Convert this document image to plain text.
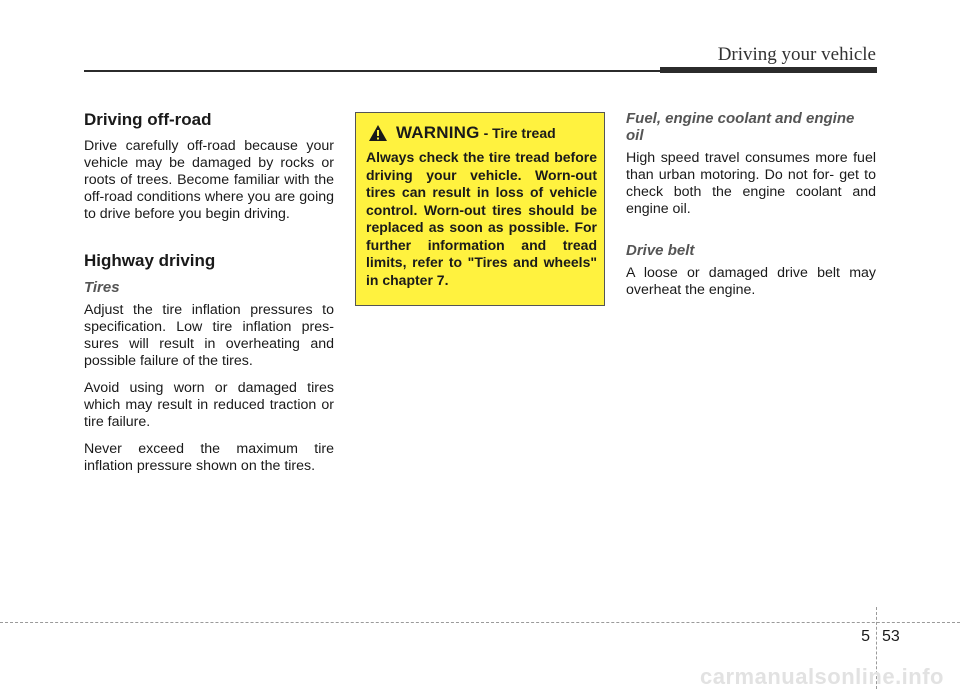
Driving your vehicle
Driving off-road

Drive carefully off-road because your vehicle may be damaged by rocks or roots of trees. Become familiar with the off-road conditions where you are going to drive before you begin driving.

Highway driving
Tires

Adjust the tire inflation pressures to specification. Low tire inflation pres- sures will result in overheating and possible failure of the tires.

Avoid using worn or damaged tires which may result in reduced traction or tire failure.

Never exceed the maximum tire inflation pressure shown on the tires.

WARNING - Tire tread

Always check the tire tread before driving your vehicle. Worn-out tires can result in loss of vehicle control. Worn-out tires should be replaced as soon as possible. For further information and tread limits, refer to "Tires and wheels" in chapter 7.

Fuel, engine coolant and engine oil

High speed travel consumes more fuel than urban motoring. Do not for- get to check both the engine coolant and engine oil.

Drive belt

A loose or damaged drive belt may overheat the engine.

5 53
carmanualsonline.info
